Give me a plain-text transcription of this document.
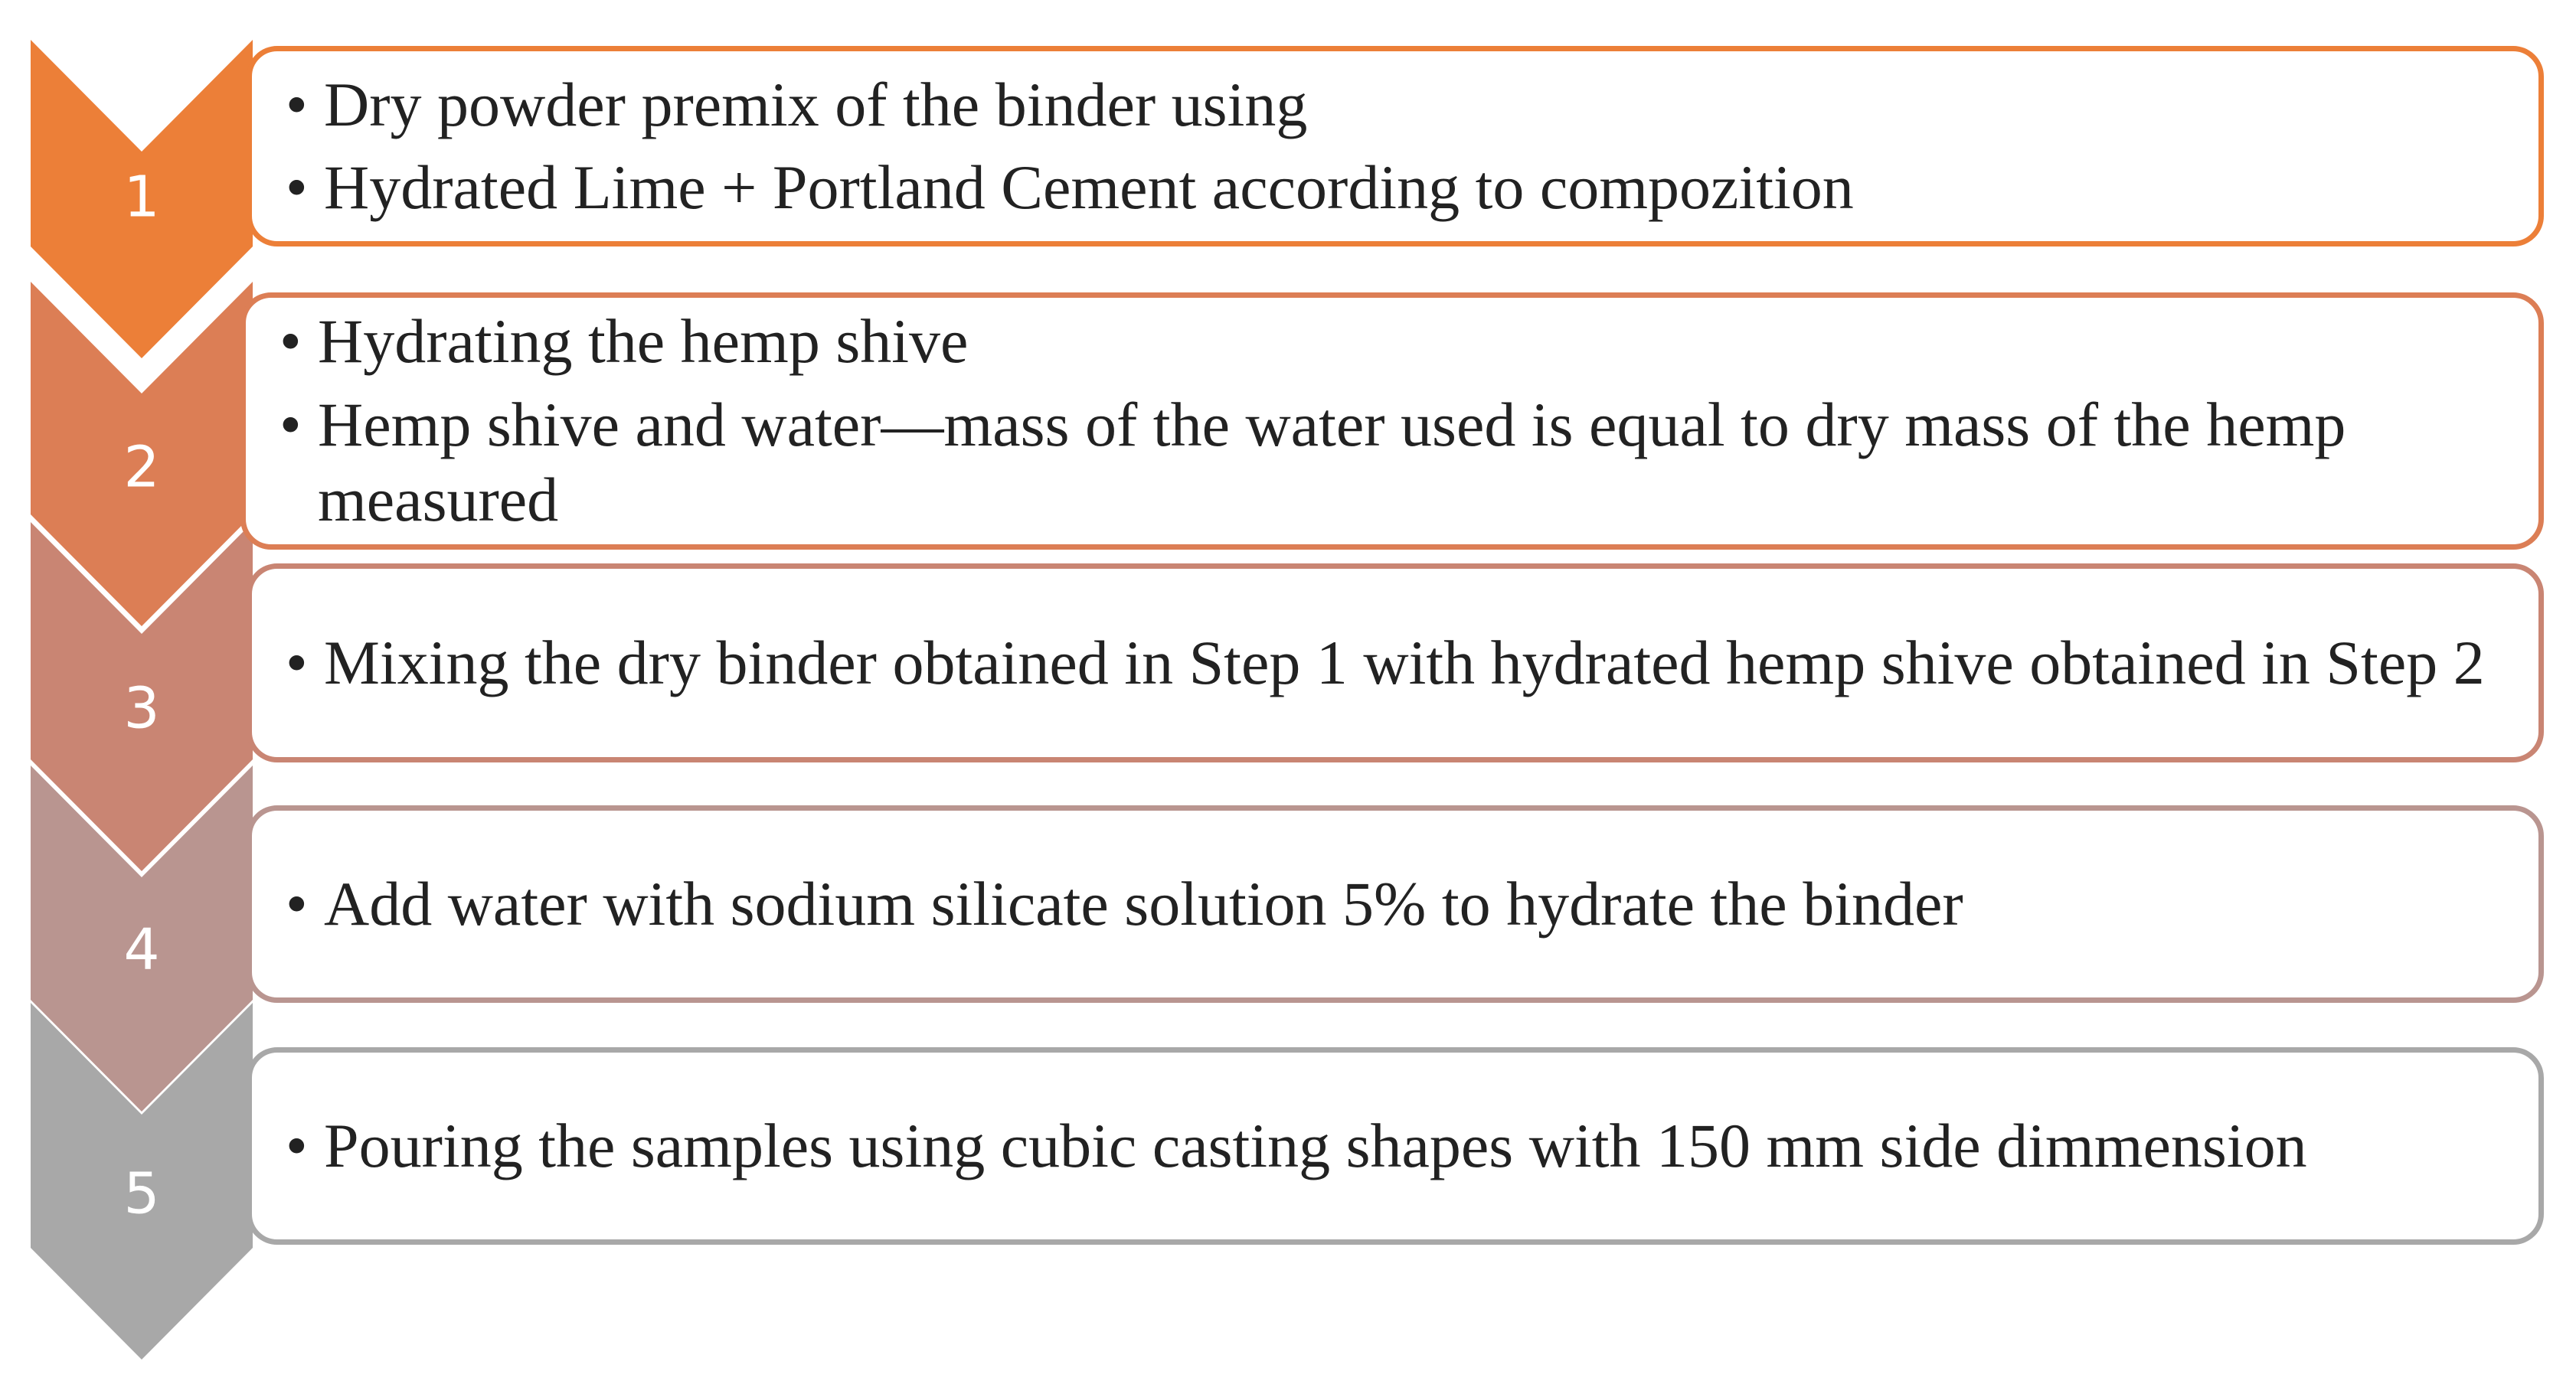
1
2
3
4
5
• Dry powder premix of the binder using
• Hydrated Lime + Portland Cement according to compozition
• Hydrating the hemp shive
• Hemp shive and water—mass of the water used is equal to dry mass of the hemp measured
• Mixing the dry binder obtained in Step 1 with hydrated hemp shive obtained in Step 2
• Add water with sodium silicate solution 5% to hydrate the binder
• Pouring the samples using cubic casting shapes with 150 mm side dimmension
